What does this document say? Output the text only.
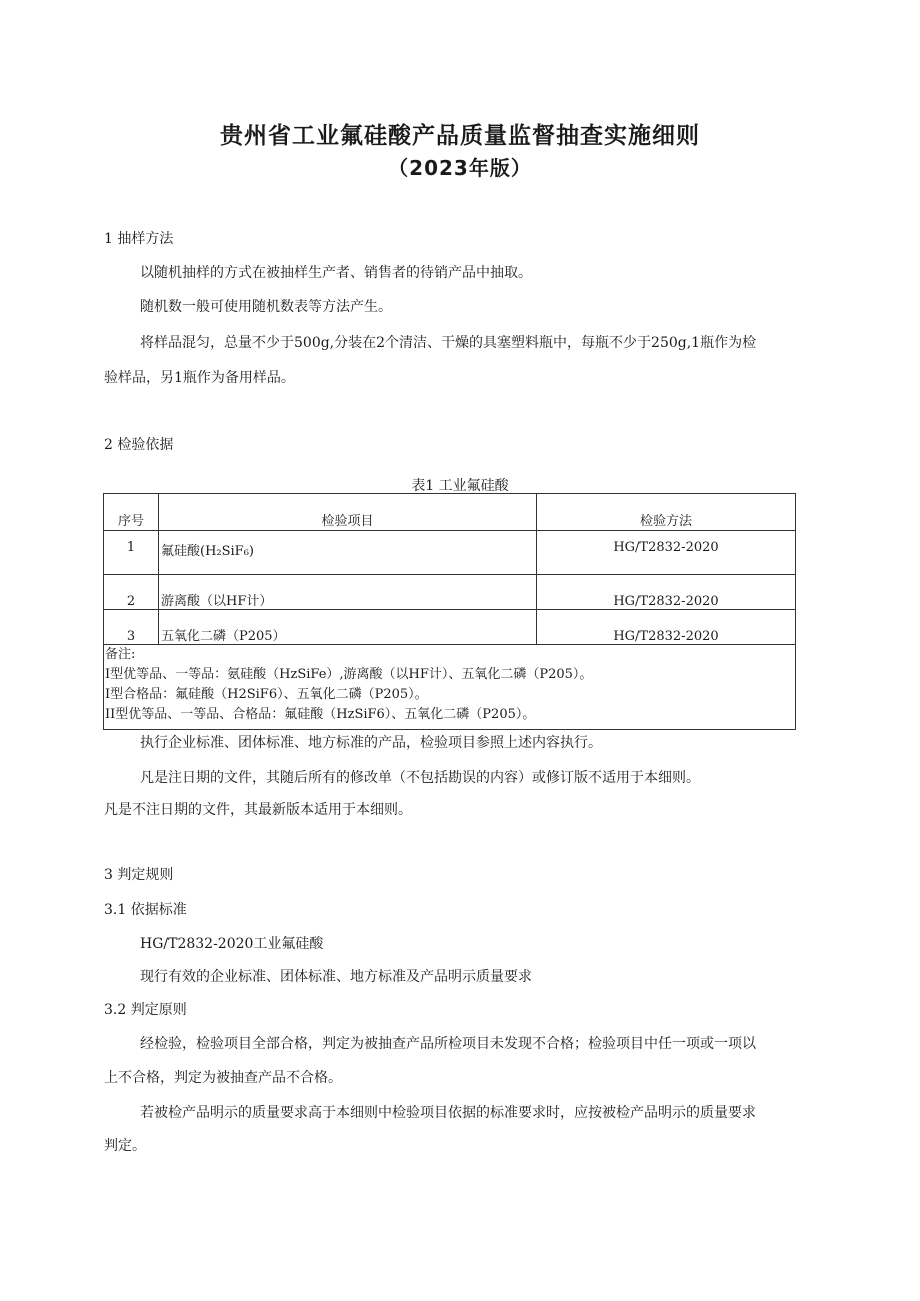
贵州省工业氟硅酸产品质量监督抽查实施细则
（2023年版）
1 抽样方法
以随机抽样的方式在被抽样生产者、销售者的待销产品中抽取。
随机数一般可使用随机数表等方法产生。
将样品混匀，总量不少于500g,分装在2个清洁、干燥的具塞塑料瓶中，每瓶不少于250g,1瓶作为检
验样品，另1瓶作为备用样品。
2 检验依据
表1 工业氟硅酸
序号	检验项目	检验方法
1	氟硅酸(H₂SiF₆)	HG/T2832-2020
2	游离酸（以HF计）	HG/T2832-2020
3	五氧化二磷（P205）	HG/T2832-2020

备注:
I型优等品、一等品：氨硅酸（HzSiFe）,游离酸（以HF计）、五氧化二磷（P205）。
I型合格品：氟硅酸（H2SiF6）、五氧化二磷（P205）。
II型优等品、一等品、合格品：氟硅酸（HzSiF6）、五氧化二磷（P205）。		
执行企业标准、团体标准、地方标准的产品，检验项目参照上述内容执行。
凡是注日期的文件，其随后所有的修改单（不包括勘误的内容）或修订版不适用于本细则。
凡是不注日期的文件，其最新版本适用于本细则。
3 判定规则
3.1 依据标准
HG/T2832-2020工业氟硅酸
现行有效的企业标准、团体标准、地方标准及产品明示质量要求
3.2 判定原则
经检验，检验项目全部合格，判定为被抽查产品所检项目未发现不合格；检验项目中任一项或一项以
上不合格，判定为被抽查产品不合格。
若被检产品明示的质量要求高于本细则中检验项目依据的标准要求时，应按被检产品明示的质量要求
判定。
